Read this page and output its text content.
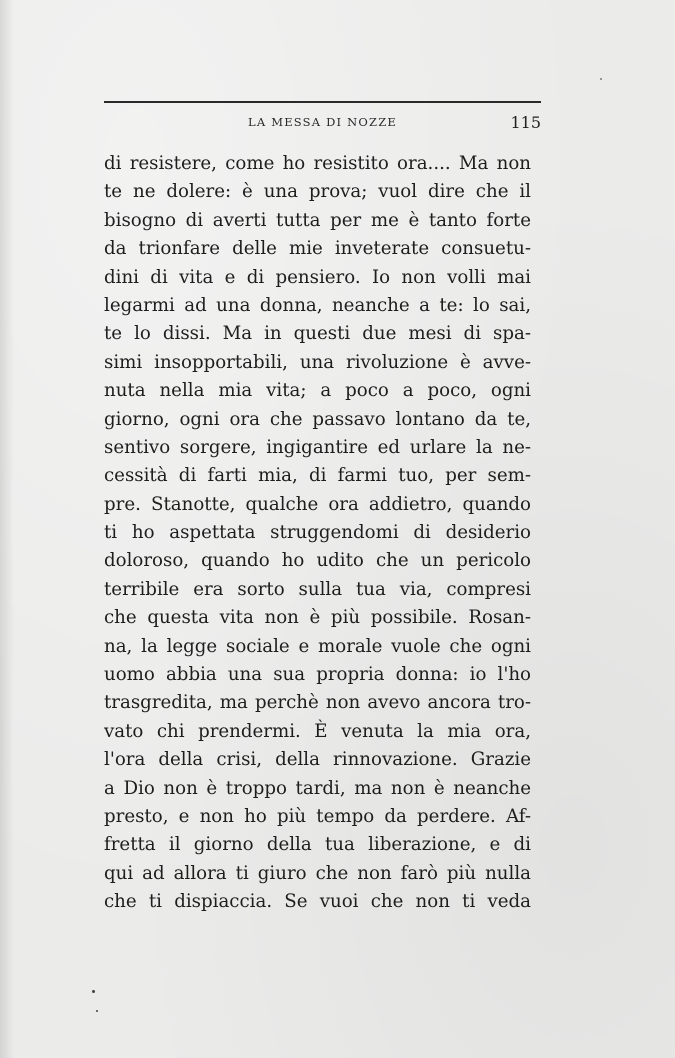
LA MESSA DI NOZZE	115
di resistere, come ho resistito ora.... Ma non
te ne dolere: è una prova; vuol dire che il
bisogno di averti tutta per me è tanto forte
da trionfare delle mie inveterate consuetu-
dini di vita e di pensiero. Io non volli mai
legarmi ad una donna, neanche a te: lo sai,
te lo dissi. Ma in questi due mesi di spa-
simi insopportabili, una rivoluzione è avve-
nuta nella mia vita; a poco a poco, ogni
giorno, ogni ora che passavo lontano da te,
sentivo sorgere, ingigantire ed urlare la ne-
cessità di farti mia, di farmi tuo, per sem-
pre. Stanotte, qualche ora addietro, quando
ti ho aspettata struggendomi di desiderio
doloroso, quando ho udito che un pericolo
terribile era sorto sulla tua via, compresi
che questa vita non è più possibile. Rosan-
na, la legge sociale e morale vuole che ogni
uomo abbia una sua propria donna: io l'ho
trasgredita, ma perchè non avevo ancora tro-
vato chi prendermi. È venuta la mia ora,
l'ora della crisi, della rinnovazione. Grazie
a Dio non è troppo tardi, ma non è neanche
presto, e non ho più tempo da perdere. Af-
fretta il giorno della tua liberazione, e di
qui ad allora ti giuro che non farò più nulla
che ti dispiaccia. Se vuoi che non ti veda
